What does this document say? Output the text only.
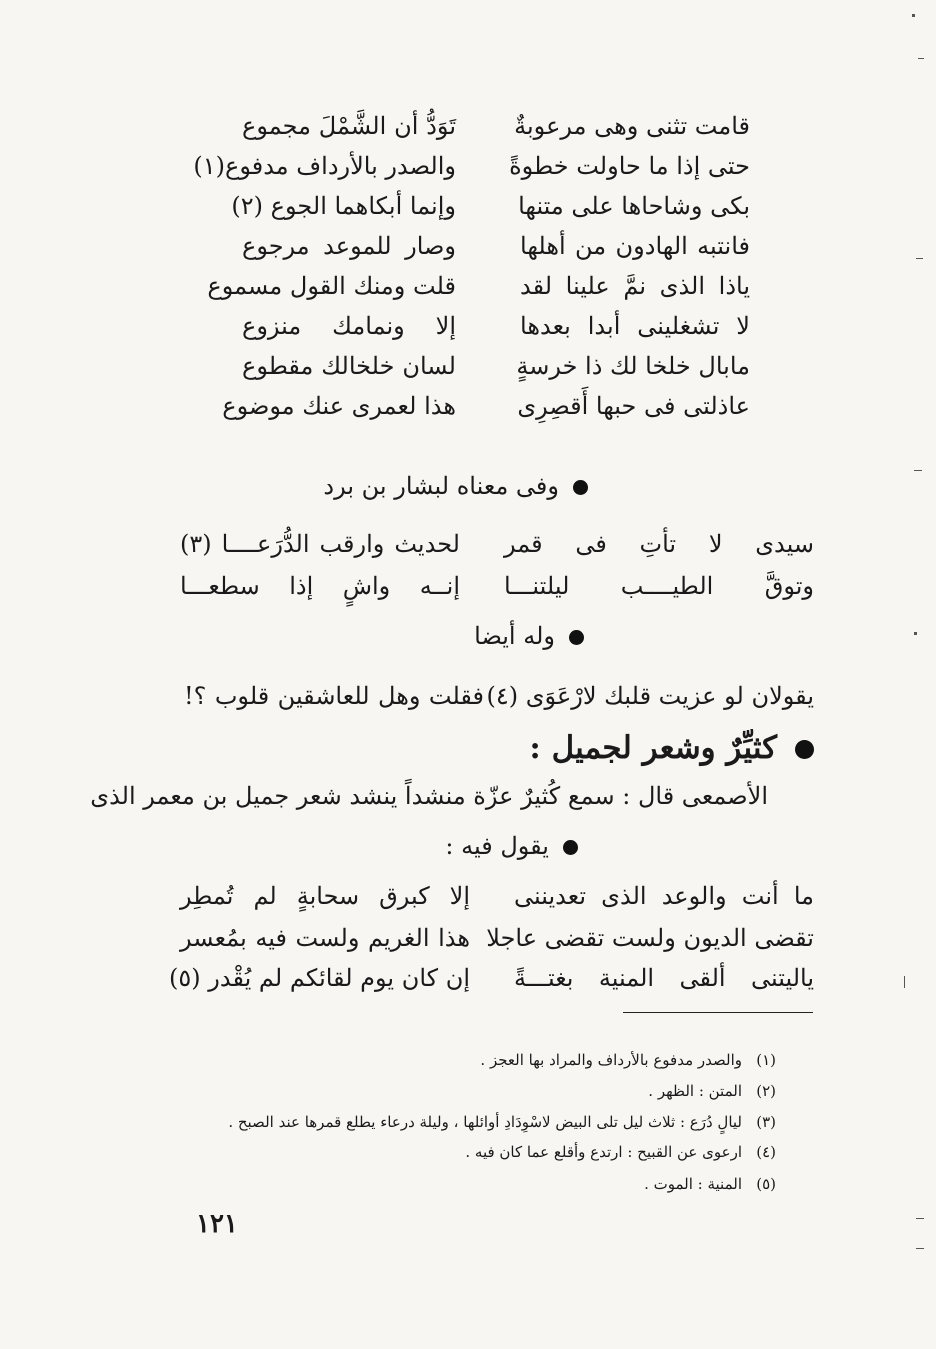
قامت تثنى وهى مرعوبةٌ
تَوَدُّ أن الشَّمْلَ مجموع
حتى إذا ما حاولت خطوةً
والصدر بالأرداف مدفوع(١)
بكى وشاحاها على متنها
وإنما أبكاهما الجوع (٢)
فانتبه الهادون من أهلها
وصار للموعد مرجوع
ياذا الذى نمَّ علينا لقد
قلت ومنك القول مسموع
لا تشغلينى أبدا بعدها
إلا ونمامك منزوع
مابال خلخا لك ذا خرسةٍ
لسان خلخالك مقطوع
عاذلتى فى حبها أَقصِرِى
هذا لعمرى عنك موضوع
وفى معناه لبشار بن برد
سيدى لا تأتِ فى قمر
لحديث وارقب الدُّرَعــــا (٣)
وتوقَّ الطيــــب ليلتنـــا
إنــه واشٍ إذا سطعـــا
وله أيضا
يقولان لو عزيت قلبك لارْعَوَى (٤)
فقلت وهل للعاشقين قلوب ؟!
كثيِّرٌ وشعر لجميل :
الأصمعى قال : سمع كُثيرٌ عزّة منشداً ينشد شعر جميل بن معمر الذى
يقول فيه :
ما أنت والوعد الذى تعديننى
إلا كبرق سحابةٍ لم تُمطِر
تقضى الديون ولست تقضى عاجلا
هذا الغريم ولست فيه بمُعسر
ياليتنى ألقى المنية بغتـــةً
إن كان يوم لقائكم لم يُقْدر (٥)
(١)والصدر مدفوع بالأرداف والمراد بها العجز .
(٢)المتن : الظهر .
(٣)ليالٍ دُرَع : ثلاث ليل تلى البيض لاسْوِدَادِ أوائلها ، وليلة درعاء يطلع قمرها عند الصبح .
(٤)ارعوى عن القبيح : ارتدع وأقلع عما كان فيه .
(٥)المنية : الموت .
١٢١
